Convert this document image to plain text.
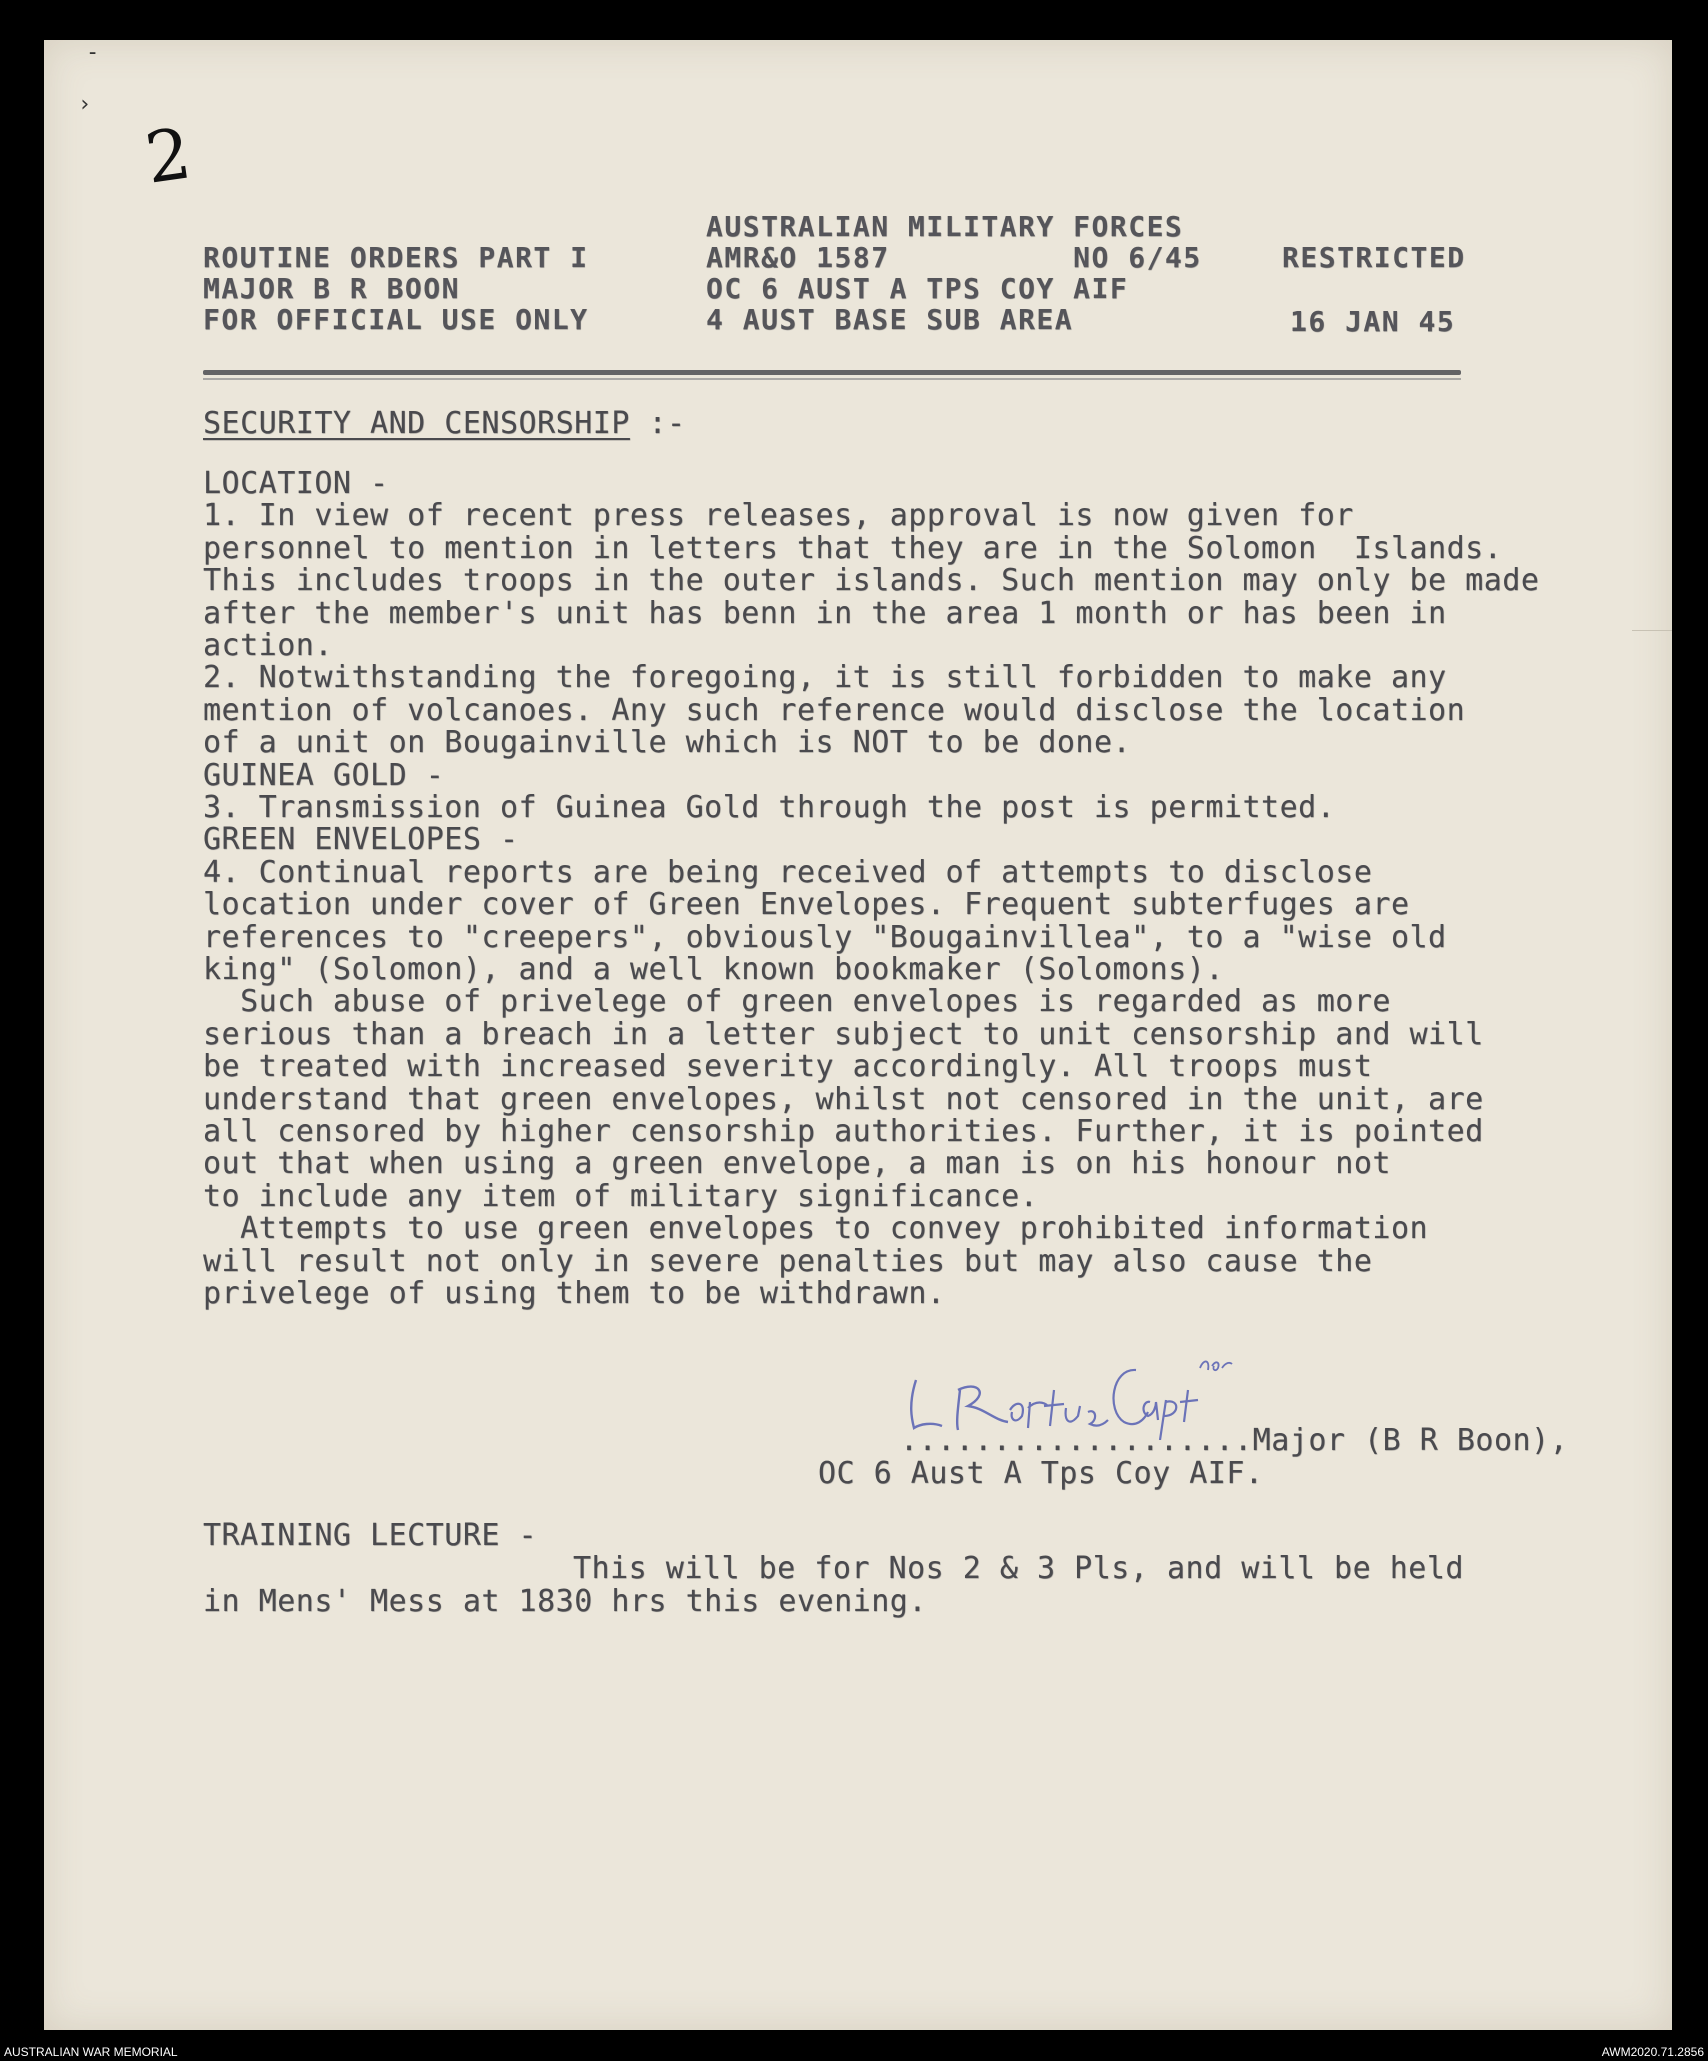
-
›
2
ROUTINE ORDERS PART I
MAJOR B R BOON
FOR OFFICIAL USE ONLY
AUSTRALIAN MILITARY FORCES
AMR&O 1587          NO 6/45
OC 6 AUST A TPS COY AIF
4 AUST BASE SUB AREA
RESTRICTED
16 JAN 45
SECURITY AND CENSORSHIP :-
LOCATION -
1. In view of recent press releases, approval is now given for
personnel to mention in letters that they are in the Solomon  Islands.
This includes troops in the outer islands. Such mention may only be made
after the member's unit has benn in the area 1 month or has been in
action.
2. Notwithstanding the foregoing, it is still forbidden to make any
mention of volcanoes. Any such reference would disclose the location
of a unit on Bougainville which is NOT to be done.
GUINEA GOLD -
3. Transmission of Guinea Gold through the post is permitted.
GREEN ENVELOPES -
4. Continual reports are being received of attempts to disclose
location under cover of Green Envelopes. Frequent subterfuges are
references to "creepers", obviously "Bougainvillea", to a "wise old
king" (Solomon), and a well known bookmaker (Solomons).
Such abuse of privelege of green envelopes is regarded as more
serious than a breach in a letter subject to unit censorship and will
be treated with increased severity accordingly. All troops must
understand that green envelopes, whilst not censored in the unit, are
all censored by higher censorship authorities. Further, it is pointed
out that when using a green envelope, a man is on his honour not
to include any item of military significance.
Attempts to use green envelopes to convey prohibited information
will result not only in severe penalties but may also cause the
privelege of using them to be withdrawn.
...................Major (B R Boon),
OC 6 Aust A Tps Coy AIF.
TRAINING LECTURE -
This will be for Nos 2 & 3 Pls, and will be held
in Mens' Mess at 1830 hrs this evening.
AUSTRALIAN WAR MEMORIAL	AWM2020.71.2856
